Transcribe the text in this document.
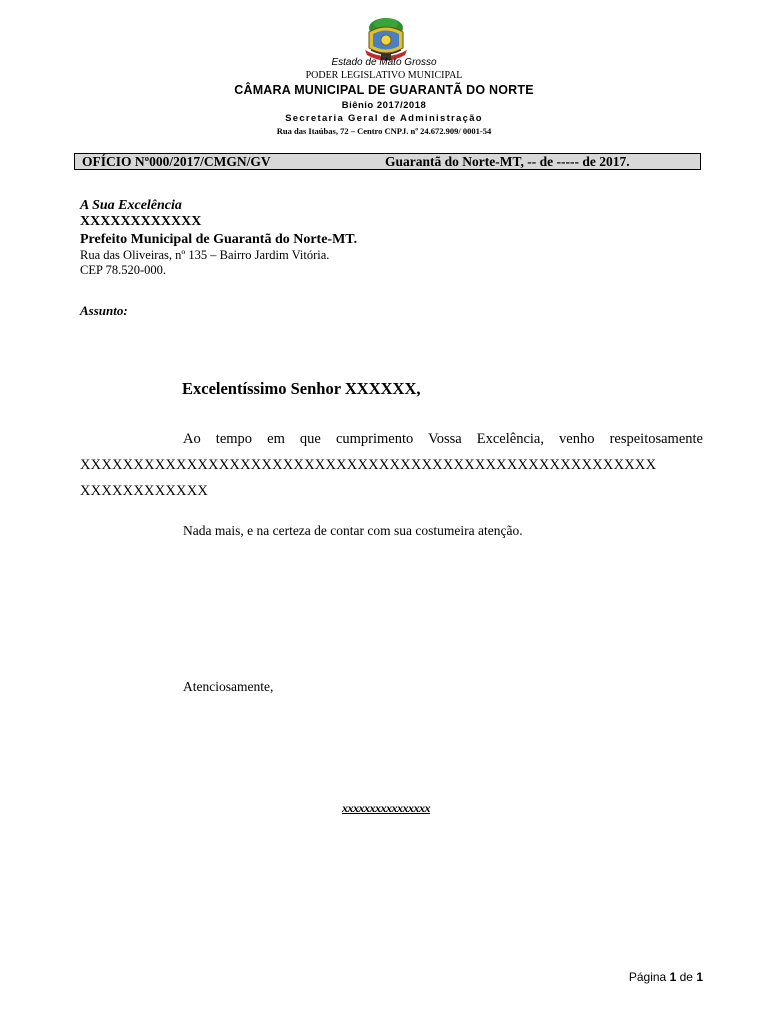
Estado de Mato Grosso
PODER LEGISLATIVO MUNICIPAL
CÂMARA MUNICIPAL DE GUARANTÃ DO NORTE
Biênio 2017/2018
Secretaria Geral de Administração
Rua das Itaúbas, 72 – Centro CNPJ. nº 24.672.909/ 0001-54
OFÍCIO Nº000/2017/CMGN/GV	Guarantã do Norte-MT, -- de ----- de 2017.
A Sua Excelência
XXXXXXXXXXXX
Prefeito Municipal de Guarantã do Norte-MT.
Rua das Oliveiras, nº 135 – Bairro Jardim Vitória.
CEP 78.520-000.
Assunto:
Excelentíssimo Senhor XXXXXX,
Ao tempo em que cumprimento Vossa Excelência, venho respeitosamente
XXXXXXXXXXXXXXXXXXXXXXXXXXXXXXXXXXXXXXXXXXXXXXXXXXXXXX
XXXXXXXXXXXX
Nada mais, e na certeza de contar com sua costumeira atenção.
Atenciosamente,
xxxxxxxxxxxxxxxx
Página 1 de 1
